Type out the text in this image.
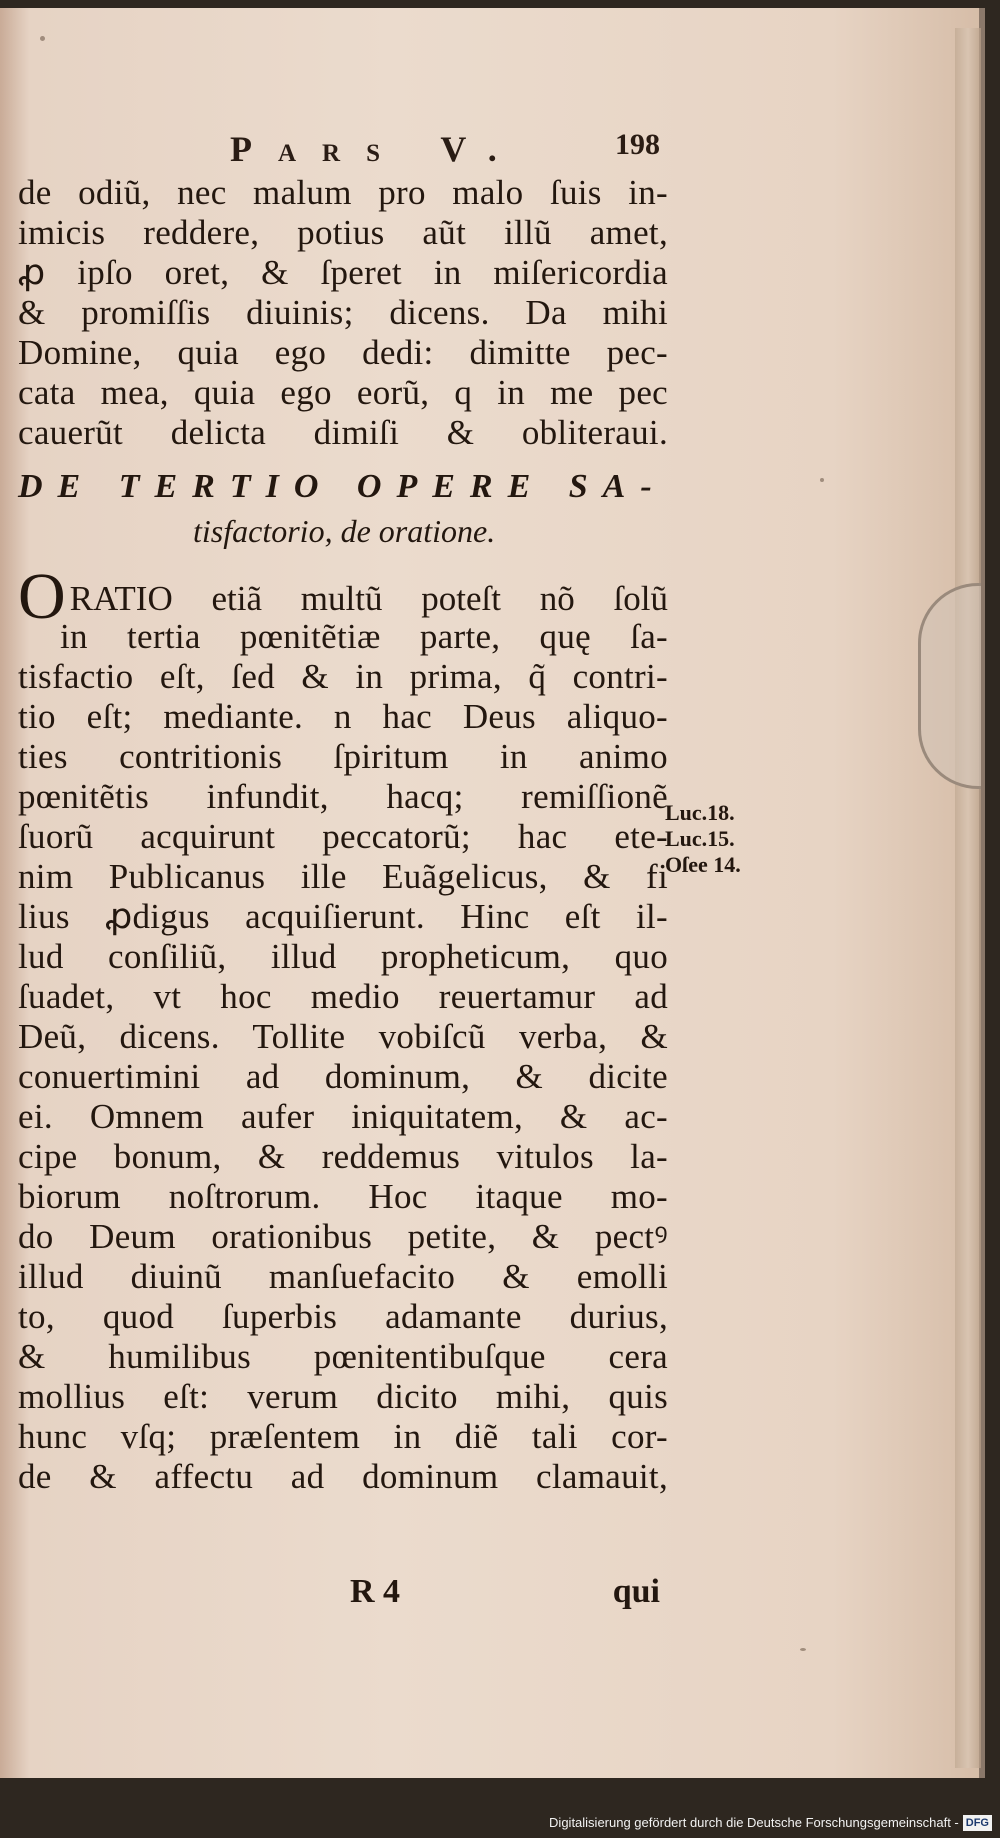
Pars V.	198
de odiũ, nec malum pro malo ſuis in-
imicis reddere, potius aũt illũ amet,
ꝓ ipſo oret, & ſperet in miſericordia
& promiſſis diuinis; dicens. Da mihi
Domine, quia ego dedi: dimitte pec-
cata mea, quia ego eorũ, q in me pec
cauerũt delicta dimiſi & obliteraui.
DE TERTIO OPERE SA-
tisfactorio, de oratione.
ORATIO etiã multũ poteſt nõ ſolũ
in tertia pœnitẽtiæ parte, quę ſa-
tisfactio eſt, ſed & in prima, q̃ contri-
tio eſt; mediante. n hac Deus aliquo-
ties contritionis ſpiritum in animo
pœnitẽtis infundit, hacq; remiſſionẽ
ſuorũ acquirunt peccatorũ; hac ete-
nim Publicanus ille Euãgelicus, & fi
lius ꝓdigus acquiſierunt. Hinc eſt il-
lud conſiliũ, illud propheticum, quo
ſuadet, vt hoc medio reuertamur ad
Deũ, dicens. Tollite vobiſcũ verba, &
conuertimini ad dominum, & dicite
ei. Omnem aufer iniquitatem, & ac-
cipe bonum, & reddemus vitulos la-
biorum noſtrorum. Hoc itaque mo-
do Deum orationibus petite, & pectꝰ
illud diuinũ manſuefacito & emolli
to, quod ſuperbis adamante durius,
& humilibus pœnitentibuſque cera
mollius eſt: verum dicito mihi, quis
hunc vſq; præſentem in diẽ tali cor-
de & affectu ad dominum clamauit,
Luc.18.
Luc.15.
Oſee 14.
R 4	qui
Digitalisierung gefördert durch die Deutsche Forschungsgemeinschaft - DFG
